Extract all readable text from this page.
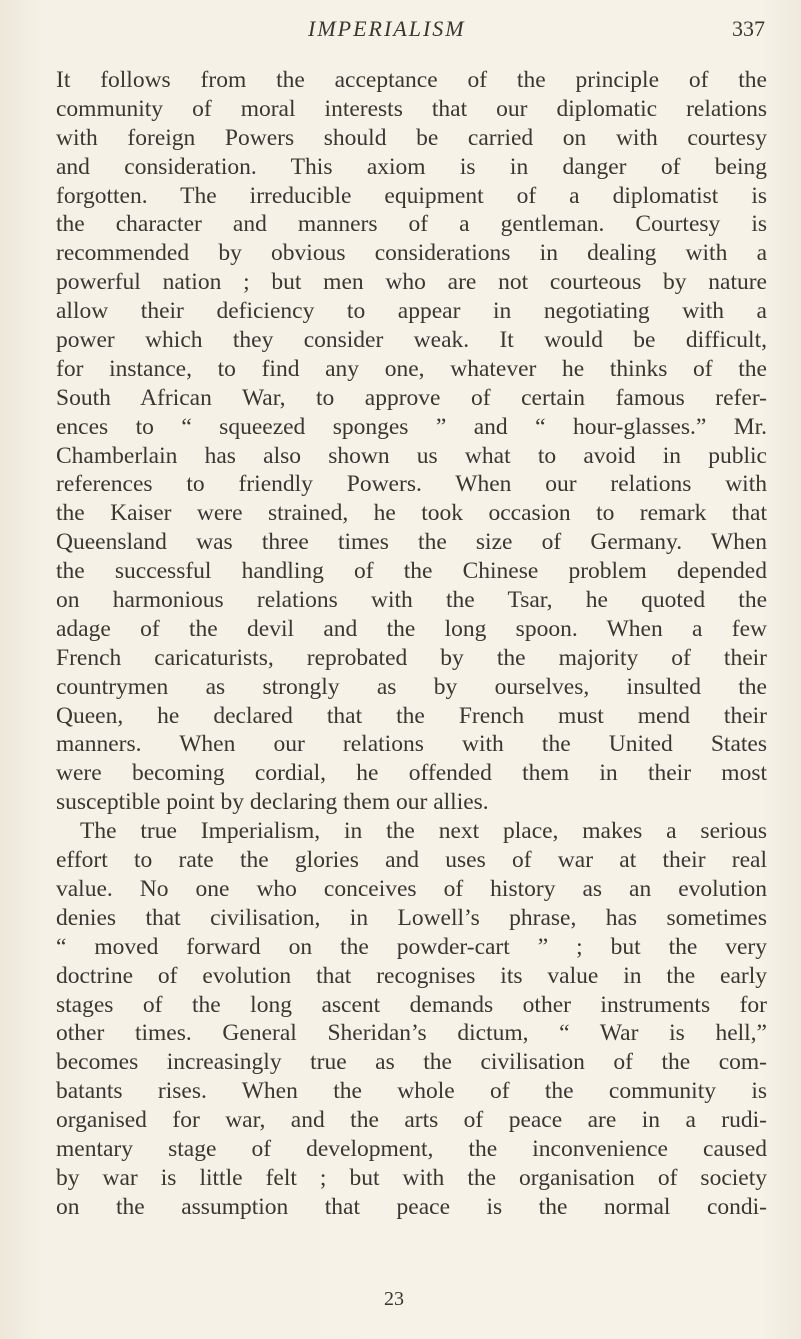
IMPERIALISM	337
It follows from the acceptance of the principle of the
community of moral interests that our diplomatic relations
with foreign Powers should be carried on with courtesy
and consideration. This axiom is in danger of being
forgotten. The irreducible equipment of a diplomatist is
the character and manners of a gentleman. Courtesy is
recommended by obvious considerations in dealing with a
powerful nation ; but men who are not courteous by nature
allow their deficiency to appear in negotiating with a
power which they consider weak. It would be difficult,
for instance, to find any one, whatever he thinks of the
South African War, to approve of certain famous refer-
ences to “ squeezed sponges ” and “ hour-glasses.” Mr.
Chamberlain has also shown us what to avoid in public
references to friendly Powers. When our relations with
the Kaiser were strained, he took occasion to remark that
Queensland was three times the size of Germany. When
the successful handling of the Chinese problem depended
on harmonious relations with the Tsar, he quoted the
adage of the devil and the long spoon. When a few
French caricaturists, reprobated by the majority of their
countrymen as strongly as by ourselves, insulted the
Queen, he declared that the French must mend their
manners. When our relations with the United States
were becoming cordial, he offended them in their most
susceptible point by declaring them our allies.
The true Imperialism, in the next place, makes a serious
effort to rate the glories and uses of war at their real
value. No one who conceives of history as an evolution
denies that civilisation, in Lowell’s phrase, has sometimes
“ moved forward on the powder-cart ” ; but the very
doctrine of evolution that recognises its value in the early
stages of the long ascent demands other instruments for
other times. General Sheridan’s dictum, “ War is hell,”
becomes increasingly true as the civilisation of the com-
batants rises. When the whole of the community is
organised for war, and the arts of peace are in a rudi-
mentary stage of development, the inconvenience caused
by war is little felt ; but with the organisation of society
on the assumption that peace is the normal condi-
23
